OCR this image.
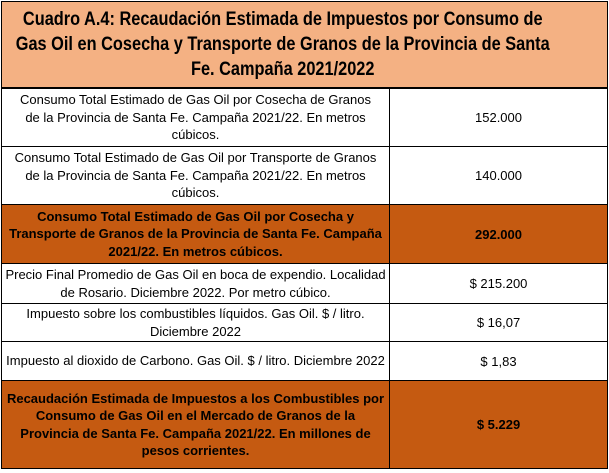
Cuadro A.4: Recaudación Estimada de Impuestos por Consumo de Gas Oil en Cosecha y Transporte de Granos de la Provincia de Santa Fe. Campaña 2021/2022
Consumo Total Estimado de Gas Oil por Cosecha de Granos de la Provincia de Santa Fe. Campaña 2021/22. En metros cúbicos.
152.000
Consumo Total Estimado de Gas Oil por Transporte de Granos de la Provincia de Santa Fe. Campaña 2021/22. En metros cúbicos.
140.000
Consumo Total Estimado de Gas Oil por Cosecha y Transporte de Granos de la Provincia de Santa Fe. Campaña 2021/22. En metros cúbicos.
292.000
Precio Final Promedio de Gas Oil en boca de expendio. Localidad de Rosario. Diciembre 2022. Por metro cúbico.
$ 215.200
Impuesto sobre los combustibles líquidos. Gas Oil. $ / litro. Diciembre 2022
$ 16,07
Impuesto al dioxido de Carbono. Gas Oil. $ / litro. Diciembre 2022	$ 1,83
Recaudación Estimada de Impuestos a los Combustibles por Consumo de Gas Oil en el Mercado de Granos de la Provincia de Santa Fe. Campaña 2021/22. En millones de pesos corrientes.
$ 5.229
